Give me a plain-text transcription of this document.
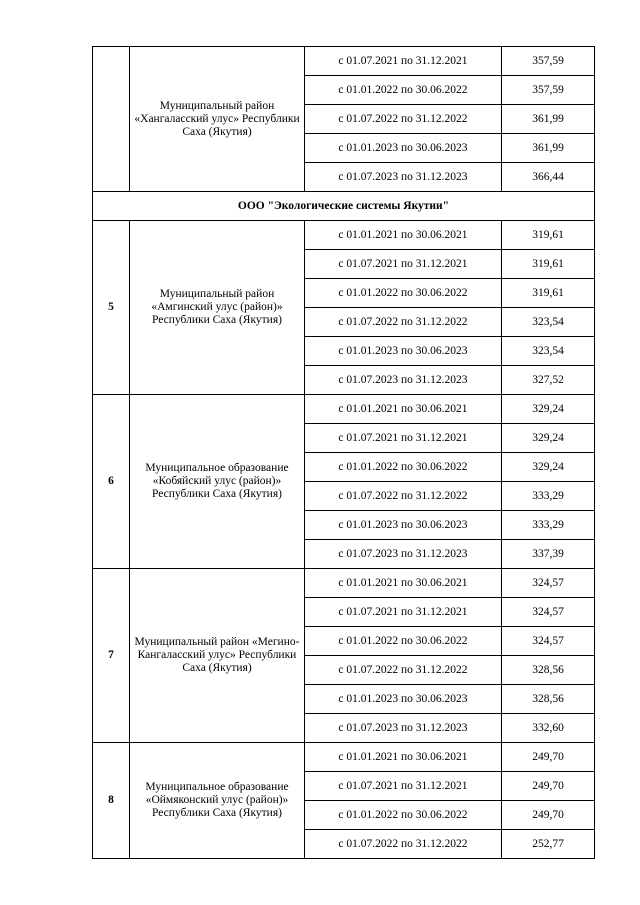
	Муниципальный район «Хангаласский улус» Республики Саха (Якутия)	с 01.07.2021 по 31.12.2021	357,59
		с 01.01.2022 по 30.06.2022	357,59
		с 01.07.2022 по 31.12.2022	361,99
		с 01.01.2023 по 30.06.2023	361,99
		с 01.07.2023 по 31.12.2023	366,44
ООО "Экологические системы Якутии"			
5	Муниципальный район «Амгинский улус (район)» Республики Саха (Якутия)	с 01.01.2021 по 30.06.2021	319,61
		с 01.07.2021 по 31.12.2021	319,61
		с 01.01.2022 по 30.06.2022	319,61
		с 01.07.2022 по 31.12.2022	323,54
		с 01.01.2023 по 30.06.2023	323,54
		с 01.07.2023 по 31.12.2023	327,52
6	Муниципальное образование «Кобяйский улус (район)» Республики Саха (Якутия)	с 01.01.2021 по 30.06.2021	329,24
		с 01.07.2021 по 31.12.2021	329,24
		с 01.01.2022 по 30.06.2022	329,24
		с 01.07.2022 по 31.12.2022	333,29
		с 01.01.2023 по 30.06.2023	333,29
		с 01.07.2023 по 31.12.2023	337,39
7	Муниципальный район «Мегино-Кангаласский улус» Республики Саха (Якутия)	с 01.01.2021 по 30.06.2021	324,57
		с 01.07.2021 по 31.12.2021	324,57
		с 01.01.2022 по 30.06.2022	324,57
		с 01.07.2022 по 31.12.2022	328,56
		с 01.01.2023 по 30.06.2023	328,56
		с 01.07.2023 по 31.12.2023	332,60
8	Муниципальное образование «Оймяконский улус (район)» Республики Саха (Якутия)	с 01.01.2021 по 30.06.2021	249,70
		с 01.07.2021 по 31.12.2021	249,70
		с 01.01.2022 по 30.06.2022	249,70
		с 01.07.2022 по 31.12.2022	252,77
